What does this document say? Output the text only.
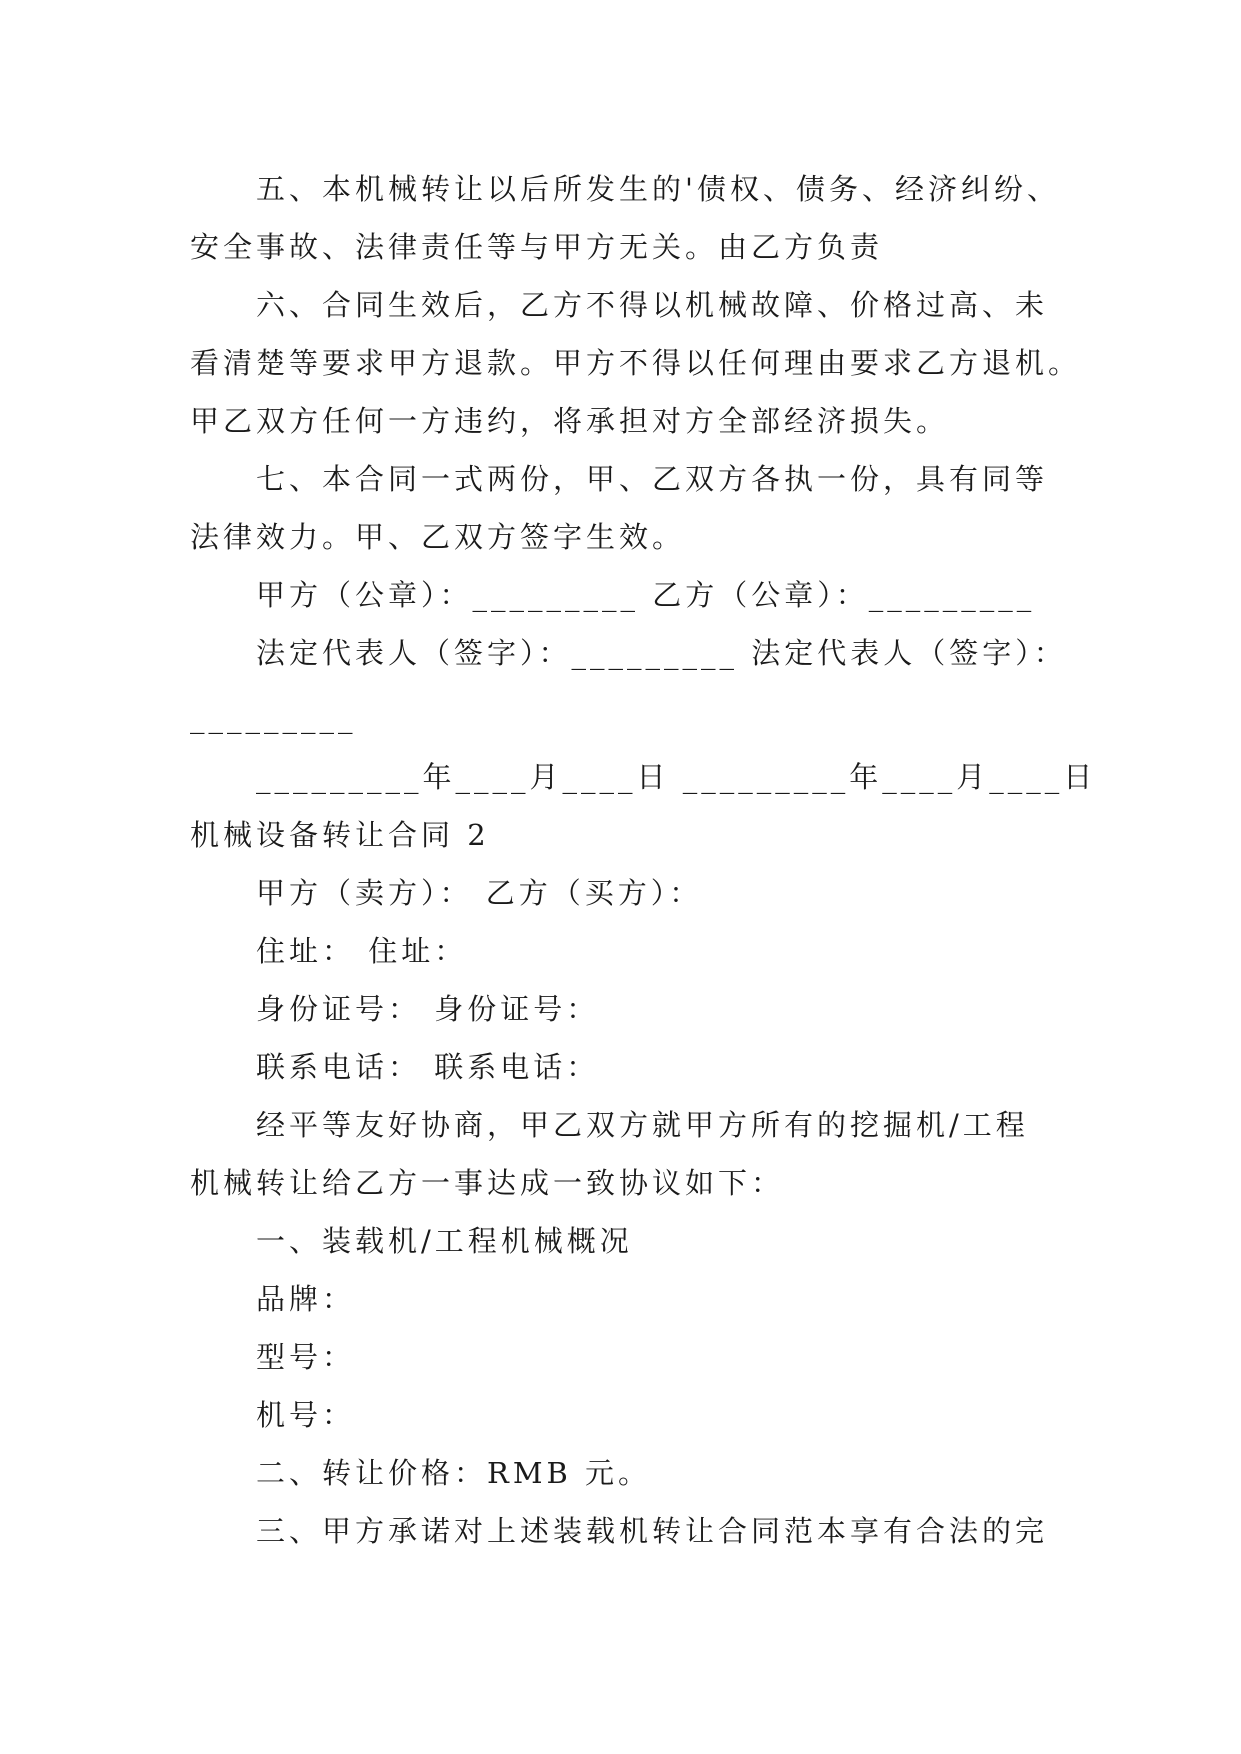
五、本机械转让以后所发生的'债权、债务、经济纠纷、

安全事故、法律责任等与甲方无关。由乙方负责

六、合同生效后，乙方不得以机械故障、价格过高、未

看清楚等要求甲方退款。甲方不得以任何理由要求乙方退机。

甲乙双方任何一方违约，将承担对方全部经济损失。

七、本合同一式两份，甲、乙双方各执一份，具有同等

法律效力。甲、乙双方签字生效。

甲方（公章）：_________ 乙方（公章）：_________

法定代表人（签字）：_________ 法定代表人（签字）：

_________

_________年____月____日 _________年____月____日

机械设备转让合同 2

甲方（卖方）： 乙方（买方）：

住址： 住址：

身份证号： 身份证号：

联系电话： 联系电话：

经平等友好协商，甲乙双方就甲方所有的挖掘机/工程

机械转让给乙方一事达成一致协议如下：

一、装载机/工程机械概况

品牌：

型号：

机号：

二、转让价格：RMB 元。

三、甲方承诺对上述装载机转让合同范本享有合法的完
